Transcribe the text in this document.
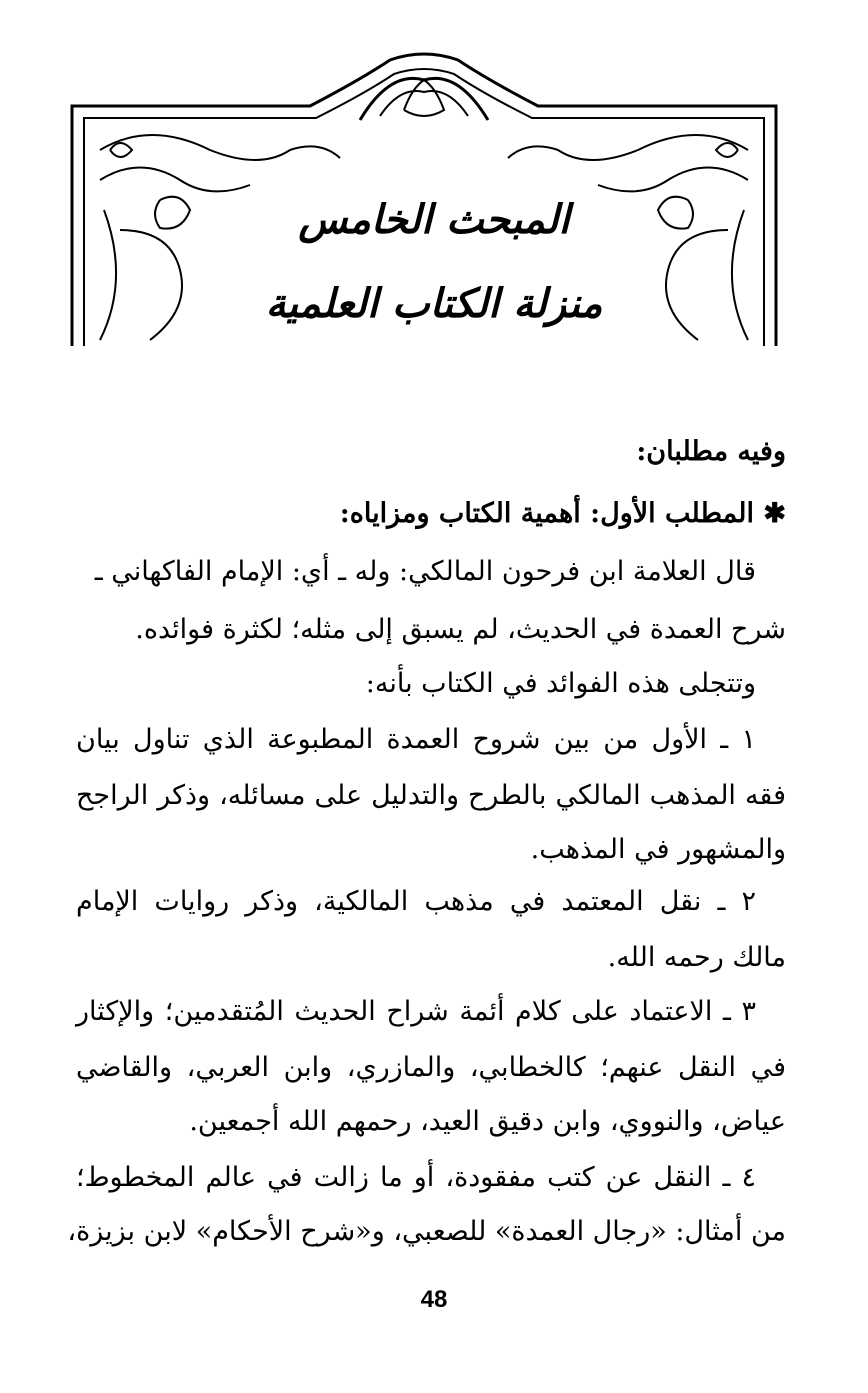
المبحث الخامس
منزلة الكتاب العلمية
وفيه مطلبان:
✱ المطلب الأول: أهمية الكتاب ومزاياه:
قال العلامة ابن فرحون المالكي: وله ـ أي: الإمام الفاكهاني ـ
شرح العمدة في الحديث، لم يسبق إلى مثله؛ لكثرة فوائده.
وتتجلى هذه الفوائد في الكتاب بأنه:
١ ـ الأول من بين شروح العمدة المطبوعة الذي تناول بيان
فقه المذهب المالكي بالطرح والتدليل على مسائله، وذكر الراجح
والمشهور في المذهب.
٢ ـ نقل المعتمد في مذهب المالكية، وذكر روايات الإمام
مالك رحمه الله.
٣ ـ الاعتماد على كلام أئمة شراح الحديث المُتقدمين؛ والإكثار
في النقل عنهم؛ كالخطابي، والمازري، وابن العربي، والقاضي
عياض، والنووي، وابن دقيق العيد، رحمهم الله أجمعين.
٤ ـ النقل عن كتب مفقودة، أو ما زالت في عالم المخطوط؛
من أمثال: «رجال العمدة» للصعبي، و«شرح الأحكام» لابن بزيزة،
48
